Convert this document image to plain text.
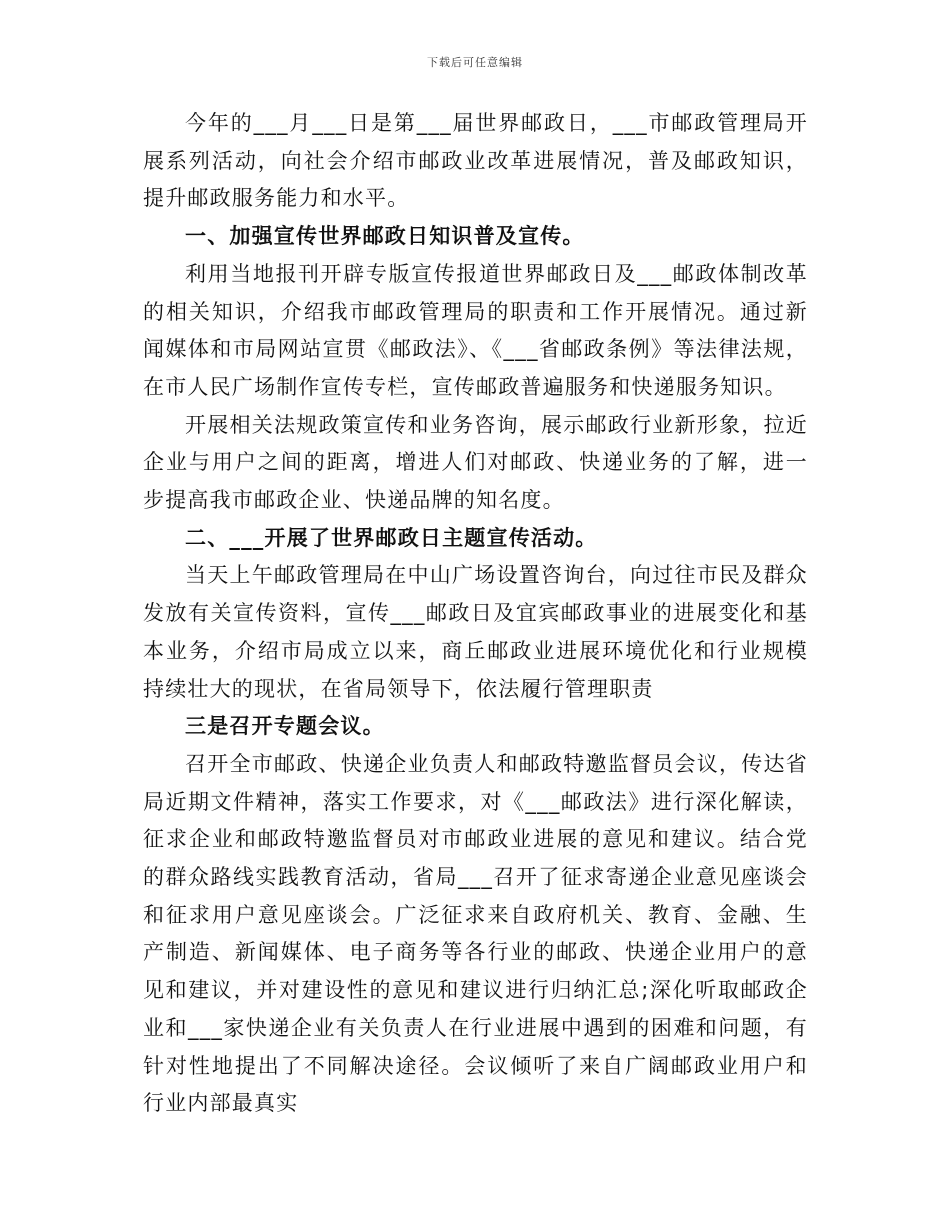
下载后可任意编辑

今年的___月___日是第___届世界邮政日，___市邮政管理局开展系列活动，向社会介绍市邮政业改革进展情况，普及邮政知识，提升邮政服务能力和水平。

一、加强宣传世界邮政日知识普及宣传。

利用当地报刊开辟专版宣传报道世界邮政日及___邮政体制改革的相关知识，介绍我市邮政管理局的职责和工作开展情况。通过新闻媒体和市局网站宣贯《邮政法》、《___省邮政条例》等法律法规，在市人民广场制作宣传专栏，宣传邮政普遍服务和快递服务知识。

开展相关法规政策宣传和业务咨询，展示邮政行业新形象，拉近企业与用户之间的距离，增进人们对邮政、快递业务的了解，进一步提高我市邮政企业、快递品牌的知名度。

二、___开展了世界邮政日主题宣传活动。

当天上午邮政管理局在中山广场设置咨询台，向过往市民及群众发放有关宣传资料，宣传___邮政日及宜宾邮政事业的进展变化和基本业务，介绍市局成立以来，商丘邮政业进展环境优化和行业规模持续壮大的现状，在省局领导下，依法履行管理职责

三是召开专题会议。

召开全市邮政、快递企业负责人和邮政特邀监督员会议，传达省局近期文件精神，落实工作要求，对《___邮政法》进行深化解读，征求企业和邮政特邀监督员对市邮政业进展的意见和建议。结合党的群众路线实践教育活动，省局___召开了征求寄递企业意见座谈会和征求用户意见座谈会。广泛征求来自政府机关、教育、金融、生产制造、新闻媒体、电子商务等各行业的邮政、快递企业用户的意见和建议，并对建设性的意见和建议进行归纳汇总;深化听取邮政企业和___家快递企业有关负责人在行业进展中遇到的困难和问题，有针对性地提出了不同解决途径。会议倾听了来自广阔邮政业用户和行业内部最真实
